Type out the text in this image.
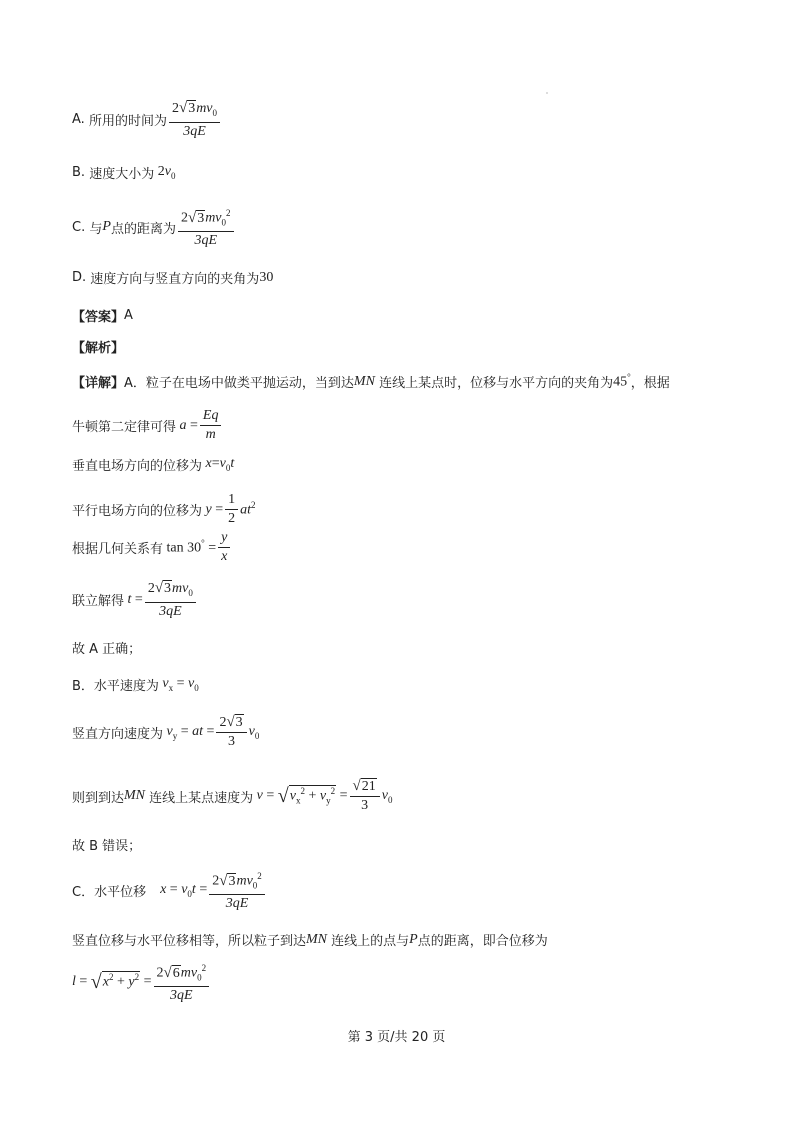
A.
所用的时间为 $\frac{2 √ 3 mv_0}{3qE}$
B.
速度大小为 $2v_0$
C.
与 P 点的距离为 $\frac{2 √ 3 mv_0^2}{3qE}$
D.
速度方向与竖直方向的夹角为 30
【答案】 A
【解析】
【详解】 A．粒子在电场中做类平抛运动，当到达 MN
连线上某点时，位移与水平方向的夹角为 45° ，根据
牛顿第二定律可得 $a = \frac{Eq}{m}$
垂直电场方向的位移为 $x=v_0t$
平行电场方向的位移为 $y = \frac{1}{2} at^2$
根据几何关系有 $\tan 30^\circ = \frac{y}{x}$
联立解得 $t = \frac{2 √ 3 mv_0}{3qE}$
故 A 正确；
B．水平速度为 $v_x = v_0$
竖直方向速度为 $v_y$ = at = $\frac{2 √ 3}{3} v_0$
则到到达 MN
连线上某点速度为 v = √ $v_x^2 + v_y^2 = \frac{√ 21}{3} v_0$
故 B 错误；
C．水平位移 $x = v_0t = \frac{2 √ 3 mv_0^2}{3qE}$
竖直位移与水平位移相等，所以粒子到达 MN
连线上的点与 P 点的距离，即合位移为
l = √ $x^2 + y^2 = \frac{2 √ 6 mv_0^2}{3qE}$
第 3 页/共 20 页
